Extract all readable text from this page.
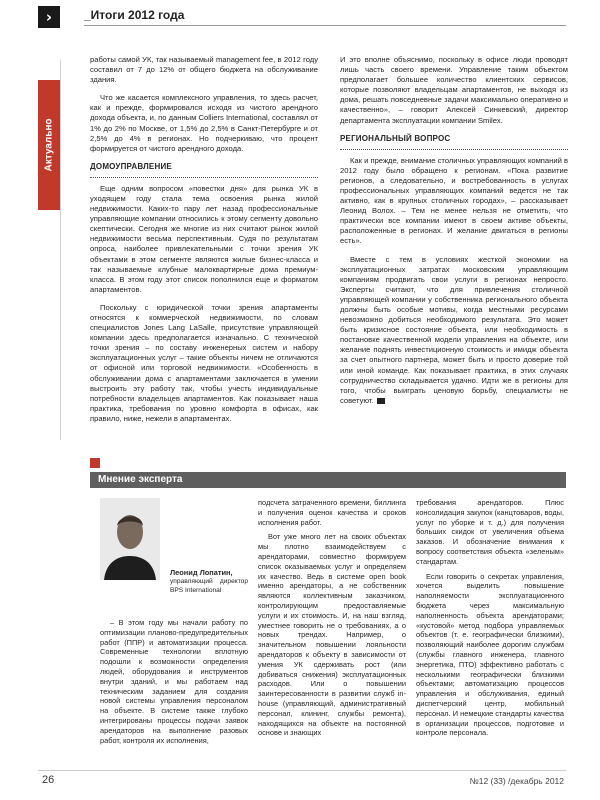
›	_Итоги 2012 года
Актуально

работы самой УК, так называемый management fee, в 2012 году составил от 7 до 12% от общего бюджета на обслуживание здания.

Что же касается комплексного управления, то здесь расчет, как и прежде, формировался исходя из чистого арендного дохода объекта, и, по данным Colliers International, составлял от 1% до 2% по Москве, от 1,5% до 2,5% в Санкт-Петербурге и от 2,5% до 4% в регионах. Но подчеркиваю, что процент формируется от чистого арендного дохода.

ДОМОУПРАВЛЕНИЕ

Еще одним вопросом «повестки дня» для рынка УК в уходящем году стала тема освоения рынка жилой недвижимости. Каких-то пару лет назад профессиональные управляющие компании относились к этому сегменту довольно скептически. Сегодня же многие из них считают рынок жилой недвижимости весьма перспективным. Судя по результатам опроса, наиболее привлекательными с точки зрения УК объектами в этом сегменте являются жилые бизнес-класса и так называемые клубные малоквартирные дома премиум-класса. В этом году этот список пополнился еще и форматом апартаментов.

Поскольку с юридической точки зрения апартаменты относятся к коммерческой недвижимости, по словам специалистов Jones Lang LaSalle, присутствие управляющей компании здесь предполагается изначально. С технической точки зрения – по составу инженерных систем и набору эксплуатационных услуг – такие объекты ничем не отличаются от офисной или торговой недвижимости. «Особенность в обслуживании дома с апартаментами заключается в умении выстроить эту работу так, чтобы учесть индивидуальные потребности владельцев апартаментов. Как показывает наша практика, требования по уровню комфорта в офисах, как правило, ниже, нежели в апартаментах.

И это вполне объяснимо, поскольку в офисе люди проводят лишь часть своего времени. Управление таким объектом предполагает большее количество клиентских сервисов, которые позволяют владельцам апартаментов, не выходя из дома, решать повседневные задачи максимально оперативно и качественно», – говорит Алексей Синкевский, директор департамента эксплуатации компании Smilex.

РЕГИОНАЛЬНЫЙ ВОПРОС

Как и прежде, внимание столичных управляющих компаний в 2012 году было обращено к регионам. «Пока развитие регионов, а следовательно, и востребованность в услугах профессиональных управляющих компаний ведется не так активно, как в крупных столичных городах», – рассказывает Леонид Волох. – Тем не менее нельзя не отметить, что практически все компании имеют в своем активе объекты, расположенные в регионах. И желание двигаться в регионы есть».

Вместе с тем в условиях жесткой экономии на эксплуатационных затратах московским управляющим компаниям продвигать свои услуги в регионах непросто. Эксперты считают, что для привлечения столичной управляющей компании у собственника регионального объекта должны быть особые мотивы, когда местными ресурсами невозможно добиться необходимого результата. Это может быть кризисное состояние объекта, или необходимость в постановке качественной модели управления на объекте, или желание поднять инвестиционную стоимость и имидж объекта за счет опытного партнера, может быть и просто доверие той или иной команде. Как показывает практика, в этих случаях сотрудничество складывается удачно. Идти же в регионы для того, чтобы выиграть ценовую борьбу, специалисты не советуют.

Мнение эксперта
Леонид Лопатин,
управляющий директор BPS International

– В этом году мы начали работу по оптимизации планово-предупредительных работ (ППР) и автоматизации процесса. Современные технологии вплотную подошли к возможности определения людей, оборудования и инструментов внутри зданий, и мы работаем над техническим заданием для создания новой системы управления персоналом на объекте. В системе также глубоко интегрированы процессы подачи заявок арендаторов на выполнение разовых работ, контроля их исполнения,

подсчета затраченного времени, биллинга и получения оценок качества и сроков исполнения работ.

Вот уже много лет на своих объектах мы плотно взаимодействуем с арендаторами, совместно формируем список оказываемых услуг и определяем их качество. Ведь в системе open book именно арендаторы, а не собственник являются коллективным заказчиком, контролирующим предоставляемые услуги и их стоимость. И, на наш взгляд, уместнее говорить не о требованиях, а о новых трендах. Например, о значительном повышении лояльности арендаторов к объекту в зависимости от умения УК сдерживать рост (или добиваться снижения) эксплуатационных расходов. Или о повышении заинтересованности в развитии служб in-house (управляющий, административный персонал, клининг, службы ремонта), находящихся на объекте на постоянной основе и знающих

требования арендаторов. Плюс консолидация закупок (канцтоваров, воды, услуг по уборке и т. д.) для получения больших скидок от увеличения объема заказов. И обозначение внимания к вопросу соответствия объекта «зеленым» стандартам.

Если говорить о секретах управления, хочется выделить повышение наполняемости эксплуатационного бюджета через максимальную наполненность объекта арендаторами; «кустовой» метод подбора управляемых объектов (т. е. географически близкими), позволяющий наиболее дорогим службам (службы главного инженера, главного энергетика, ПТО) эффективно работать с несколькими географически близкими объектами; автоматизацию процессов управления и обслуживания, единый диспетчерский центр, мобильный персонал. И немецкие стандарты качества в организации процессов, подготовке и контроле персонала.

26	№12 (33) /декабрь 2012
